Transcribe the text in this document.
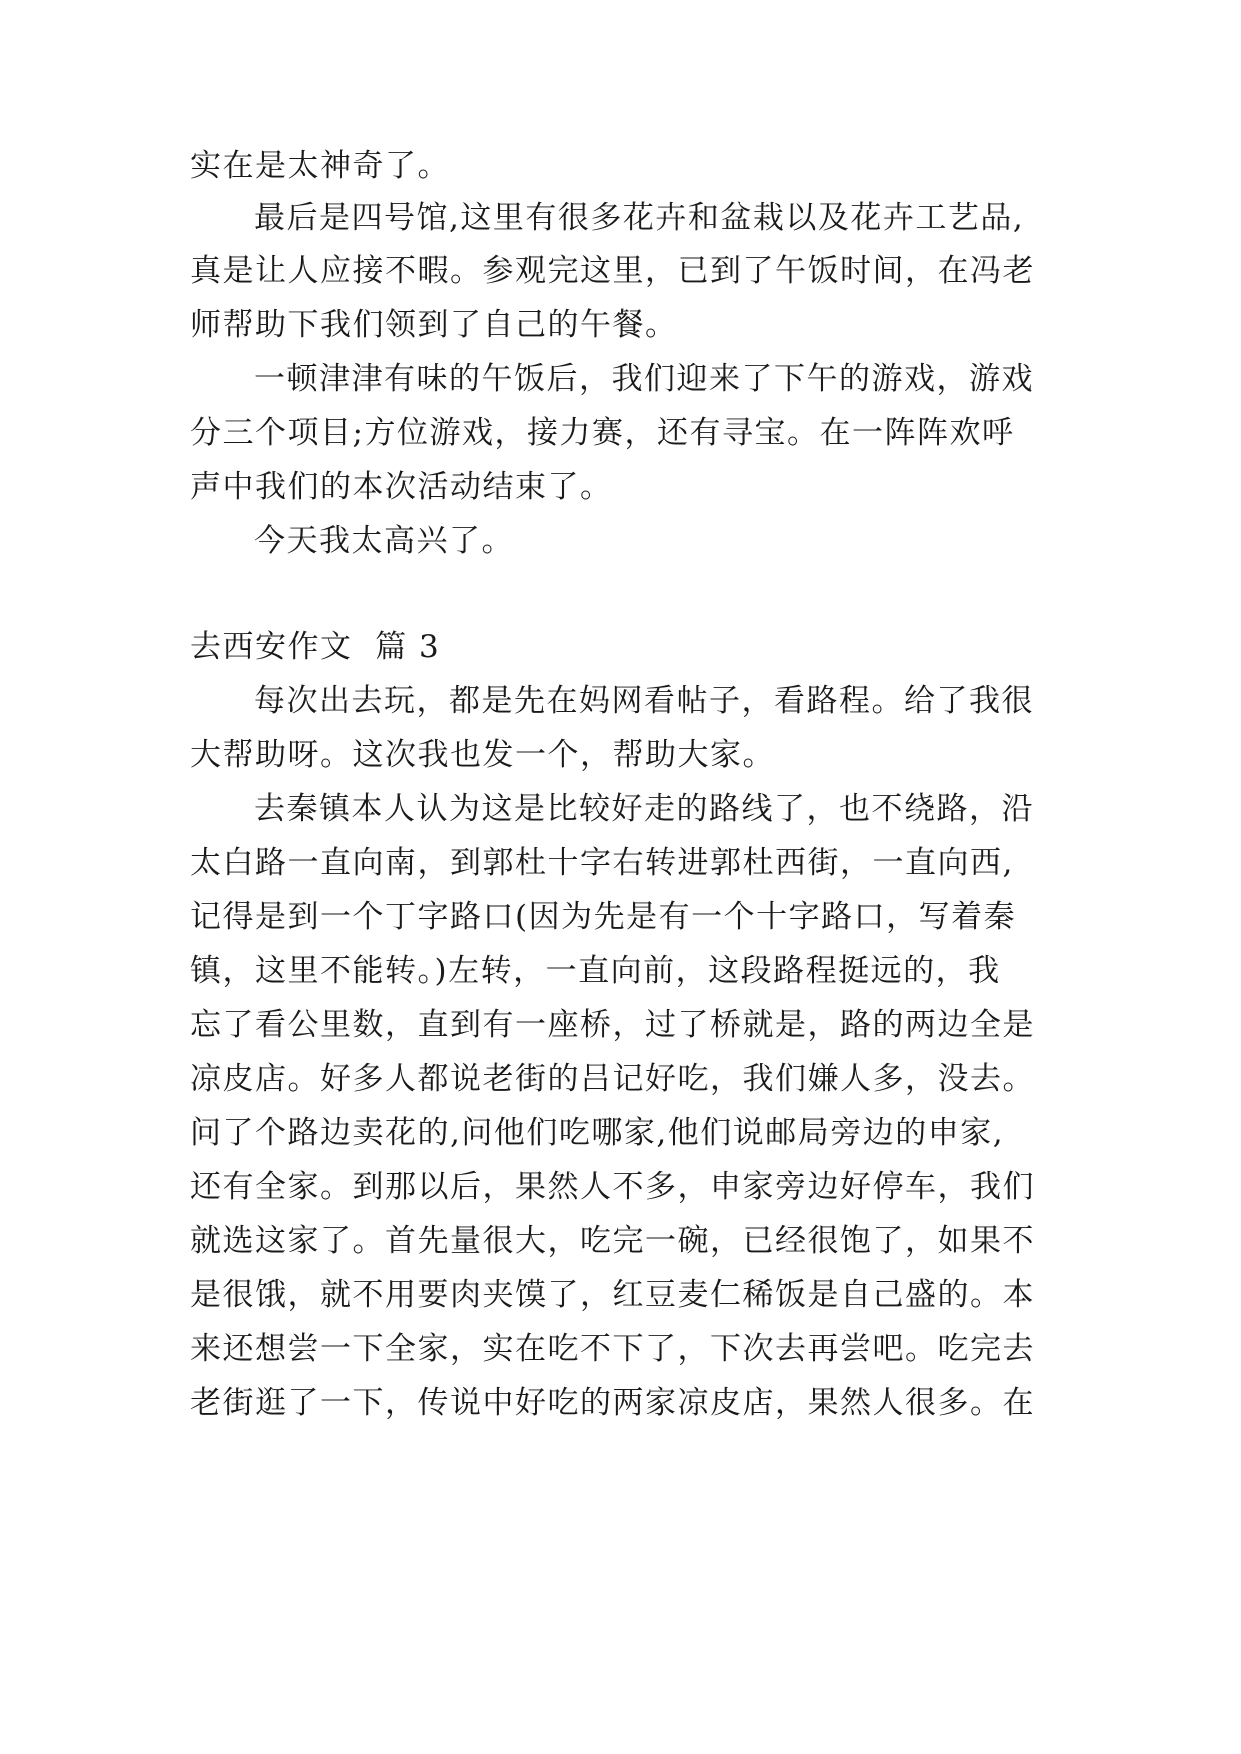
实在是太神奇了。
最后是四号馆,这里有很多花卉和盆栽以及花卉工艺品,
真是让人应接不暇。参观完这里，已到了午饭时间，在冯老
师帮助下我们领到了自己的午餐。
一顿津津有味的午饭后，我们迎来了下午的游戏，游戏
分三个项目;方位游戏，接力赛，还有寻宝。在一阵阵欢呼
声中我们的本次活动结束了。
今天我太高兴了。
去西安作文  篇 3
每次出去玩，都是先在妈网看帖子，看路程。给了我很
大帮助呀。这次我也发一个，帮助大家。
去秦镇本人认为这是比较好走的路线了，也不绕路，沿
太白路一直向南，到郭杜十字右转进郭杜西街，一直向西,
记得是到一个丁字路口(因为先是有一个十字路口，写着秦
镇，这里不能转。)左转，一直向前，这段路程挺远的，我
忘了看公里数，直到有一座桥，过了桥就是，路的两边全是
凉皮店。好多人都说老街的吕记好吃，我们嫌人多，没去。
问了个路边卖花的,问他们吃哪家,他们说邮局旁边的申家,
还有全家。到那以后，果然人不多，申家旁边好停车，我们
就选这家了。首先量很大，吃完一碗，已经很饱了，如果不
是很饿，就不用要肉夹馍了，红豆麦仁稀饭是自己盛的。本
来还想尝一下全家，实在吃不下了，下次去再尝吧。吃完去
老街逛了一下，传说中好吃的两家凉皮店，果然人很多。在
